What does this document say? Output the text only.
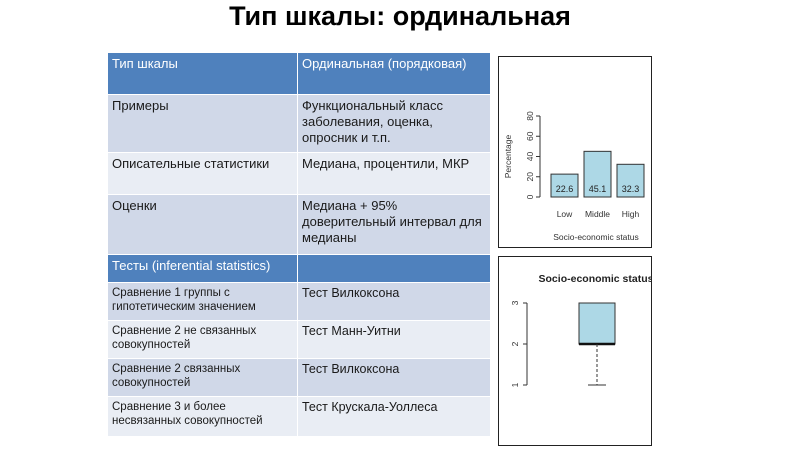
Тип шкалы: ординальная
Тип шкалы	Ординальная (порядковая)
Примеры	Функциональный класс заболевания, оценка, опросник и т.п.
Описательные статистики	Медиана, процентили, МКР
Оценки	Медиана + 95% доверительный интервал для медианы
Тесты (inferential statistics)	
Сравнение 1 группы с гипотетическим значением	Тест Вилкоксона
Сравнение 2 не связанных совокупностей	Тест Манн-Уитни
Сравнение 2 связанных совокупностей	Тест Вилкоксона
Сравнение 3 и более несвязанных совокупностей	Тест Крускала-Уоллеса
0
20
40
60
80
Percentage
22.6
Low
45.1
Middle
32.3
High
Socio-economic status
Socio-economic status
1
2
3
